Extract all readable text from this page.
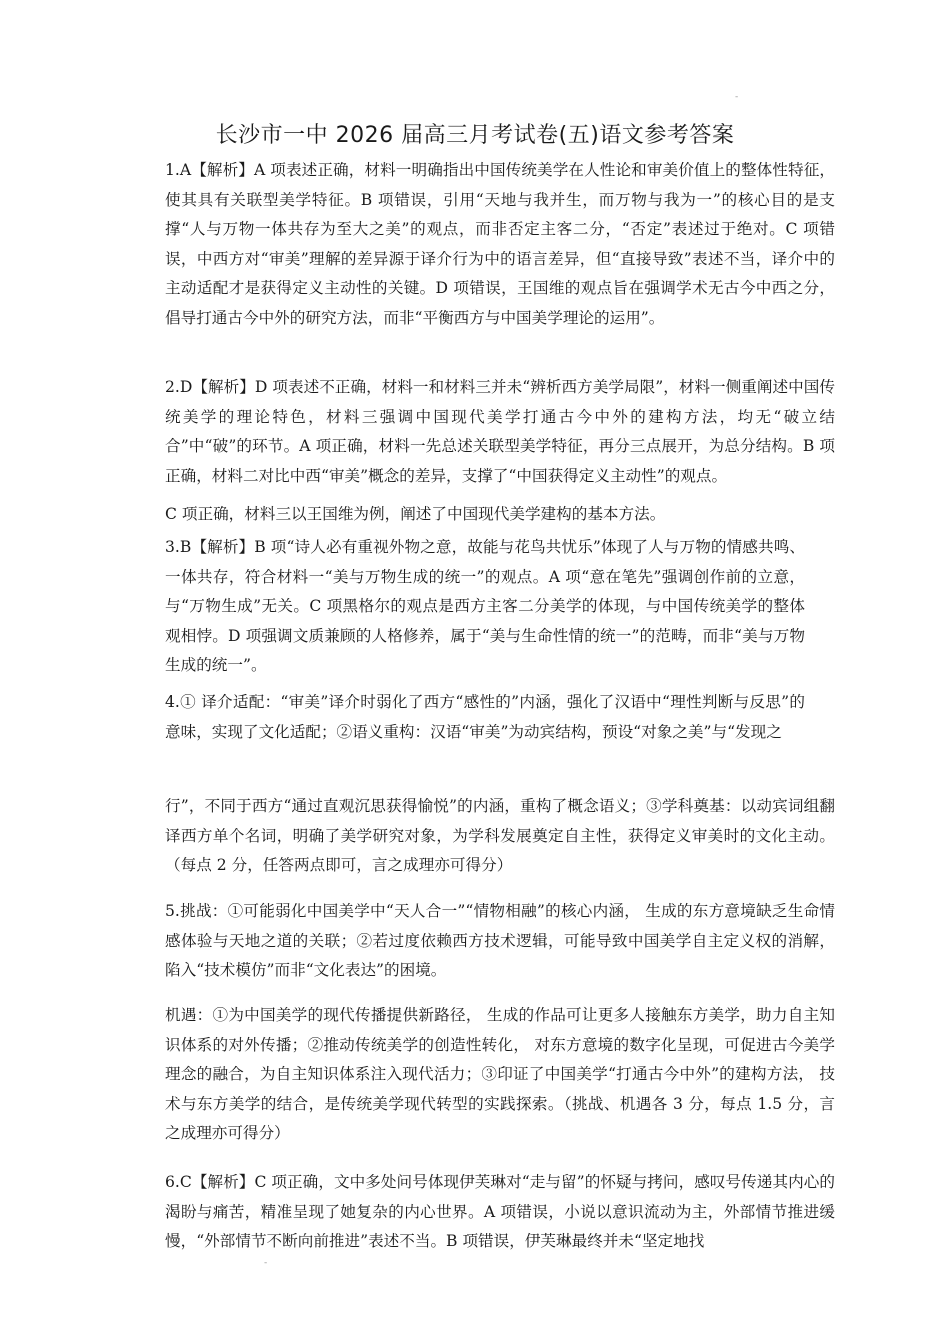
-
长沙市一中 2026 届高三月考试卷(五)语文参考答案

1.A【解析】A 项表述正确，材料一明确指出中国传统美学在人性论和审美价值上的整体性特征，使其具有关联型美学特征。B 项错误，引用“天地与我并生，而万物与我为一”的核心目的是支撑“人与万物一体共存为至大之美”的观点，而非否定主客二分，“否定”表述过于绝对。C 项错误，中西方对“审美”理解的差异源于译介行为中的语言差异，但“直接导致”表述不当，译介中的主动适配才是获得定义主动性的关键。D 项错误，王国维的观点旨在强调学术无古今中西之分，倡导打通古今中外的研究方法，而非“平衡西方与中国美学理论的运用”。

2.D【解析】D 项表述不正确，材料一和材料三并未“辨析西方美学局限”，材料一侧重阐述中国传统美学的理论特色，材料三强调中国现代美学打通古今中外的建构方法，均无“破立结合”中“破”的环节。A 项正确，材料一先总述关联型美学特征，再分三点展开，为总分结构。B 项正确，材料二对比中西“审美”概念的差异，支撑了“中国获得定义主动性”的观点。

C 项正确，材料三以王国维为例，阐述了中国现代美学建构的基本方法。

3.B【解析】B 项“诗人必有重视外物之意，故能与花鸟共忧乐”体现了人与万物的情感共鸣、一体共存，符合材料一“美与万物生成的统一”的观点。A 项“意在笔先”强调创作前的立意，与“万物生成”无关。C 项黑格尔的观点是西方主客二分美学的体现，与中国传统美学的整体观相悖。D 项强调文质兼顾的人格修养，属于“美与生命性情的统一”的范畴，而非“美与万物生成的统一”。

4.① 译介适配：“审美”译介时弱化了西方“感性的”内涵，强化了汉语中“理性判断与反思”的意味，实现了文化适配；②语义重构：汉语“审美”为动宾结构，预设“对象之美”与“发现之

行”，不同于西方“通过直观沉思获得愉悦”的内涵，重构了概念语义；③学科奠基：以动宾词组翻译西方单个名词，明确了美学研究对象，为学科发展奠定自主性，获得定义审美时的文化主动。（每点 2 分，任答两点即可，言之成理亦可得分）

5.挑战：①可能弱化中国美学中“天人合一”“情物相融”的核心内涵， 生成的东方意境缺乏生命情感体验与天地之道的关联；②若过度依赖西方技术逻辑，可能导致中国美学自主定义权的消解，陷入“技术模仿”而非“文化表达”的困境。

机遇：①为中国美学的现代传播提供新路径， 生成的作品可让更多人接触东方美学，助力自主知识体系的对外传播；②推动传统美学的创造性转化， 对东方意境的数字化呈现，可促进古今美学理念的融合，为自主知识体系注入现代活力；③印证了中国美学“打通古今中外”的建构方法， 技术与东方美学的结合，是传统美学现代转型的实践探索。（挑战、机遇各 3 分，每点 1.5 分，言之成理亦可得分）

6.C【解析】C 项正确，文中多处问号体现伊芙琳对“走与留”的怀疑与拷问，感叹号传递其内心的渴盼与痛苦，精准呈现了她复杂的内心世界。A 项错误，小说以意识流动为主，外部情节推进缓慢，“外部情节不断向前推进”表述不当。B 项错误，伊芙琳最终并未“坚定地找

-
